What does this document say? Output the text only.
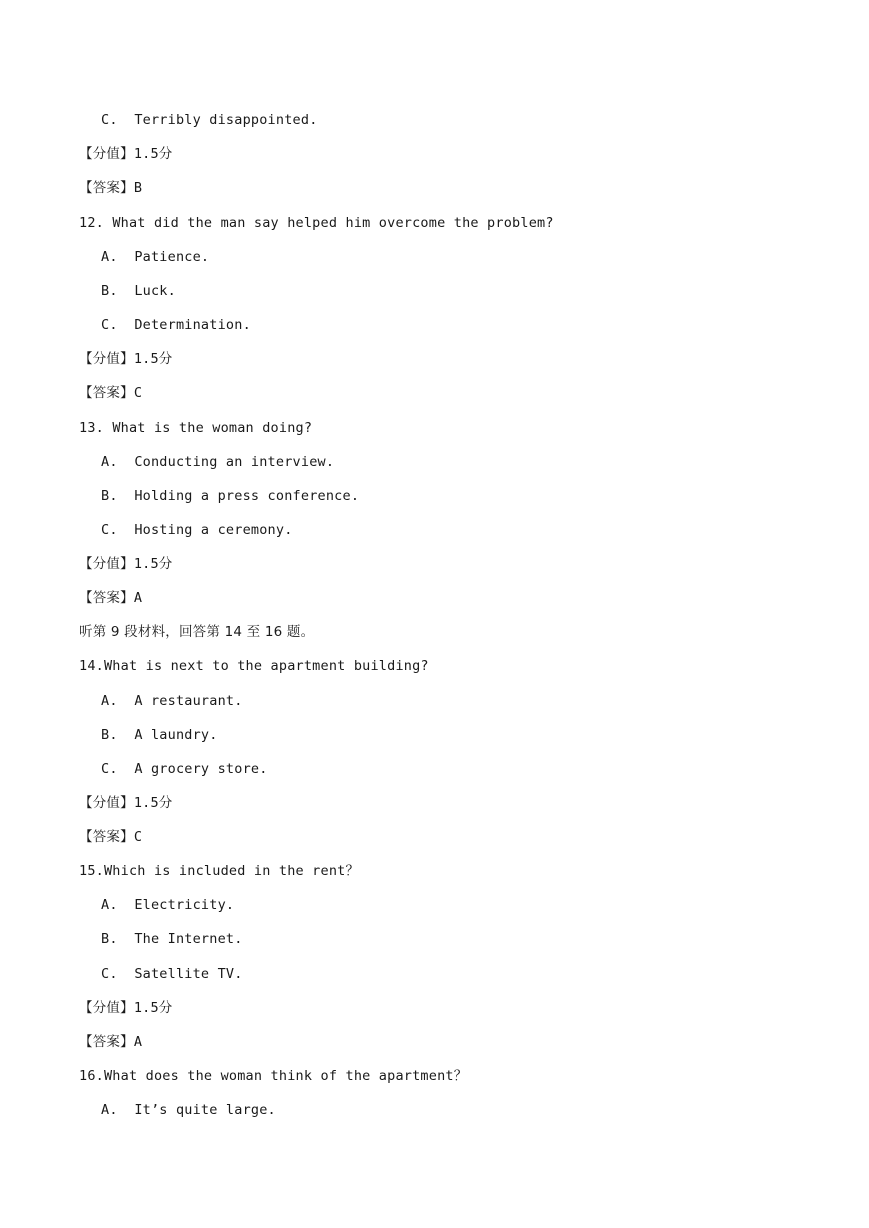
C. Terribly disappointed.
【分值】1.5分
【答案】B
12. What did the man say helped him overcome the problem?
A. Patience.
B. Luck.
C. Determination.
【分值】1.5分
【答案】C
13. What is the woman doing?
A. Conducting an interview.
B. Holding a press conference.
C. Hosting a ceremony.
【分值】1.5分
【答案】A
听第 9 段材料，回答第 14 至 16 题。
14.What is next to the apartment building?
A. A restaurant.
B. A laundry.
C. A grocery store.
【分值】1.5分
【答案】C
15.Which is included in the rent？
A. Electricity.
B. The Internet.
C. Satellite TV.
【分值】1.5分
【答案】A
16.What does the woman think of the apartment？
A. It’s quite large.
